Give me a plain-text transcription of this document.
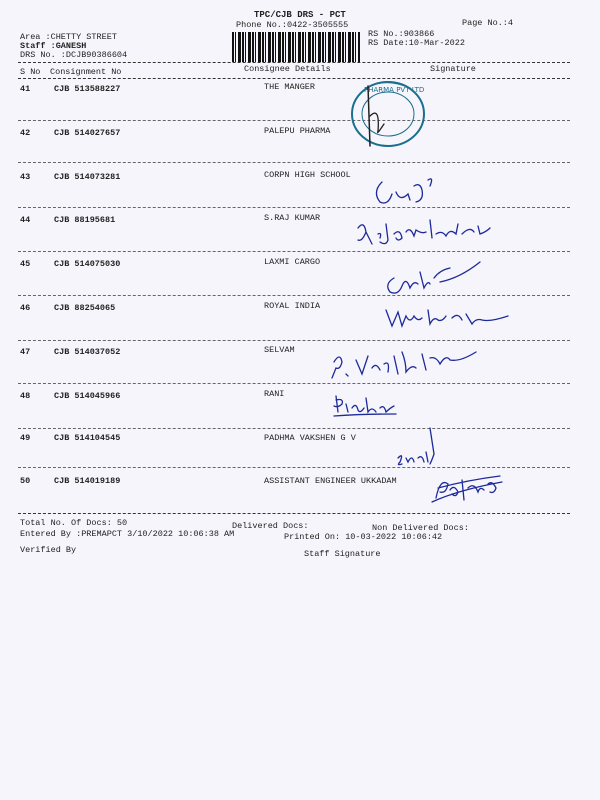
TPC/CJB DRS - PCT
Phone No.:0422-3505555	Page No.:4
RS No.:903866
RS Date:10-Mar-2022
Area :CHETTY STREET
Staff :GANESH
DRS No. :DCJB90386604
S No Consignment No	Consignee Details	Signature
41	CJB 513588227	THE MANGER
42	CJB 514027657	PALEPU PHARMA
43	CJB 514073281	CORPN HIGH SCHOOL
44	CJB 88195681	S.RAJ KUMAR
45	CJB 514075030	LAXMI CARGO
46	CJB 88254065	ROYAL INDIA
47	CJB 514037052	SELVAM
48	CJB 514045966	RANI
49	CJB 514104545	PADHMA VAKSHEN G V
50	CJB 514019189	ASSISTANT ENGINEER UKKADAM
Total No. Of Docs: 50	Delivered Docs:	Non Delivered Docs:
Entered By :PREMAPCT 3/10/2022 10:06:38 AM	Printed On: 10-03-2022 10:06:42
Verified By	Staff Signature
PHARMA PVT LTD
